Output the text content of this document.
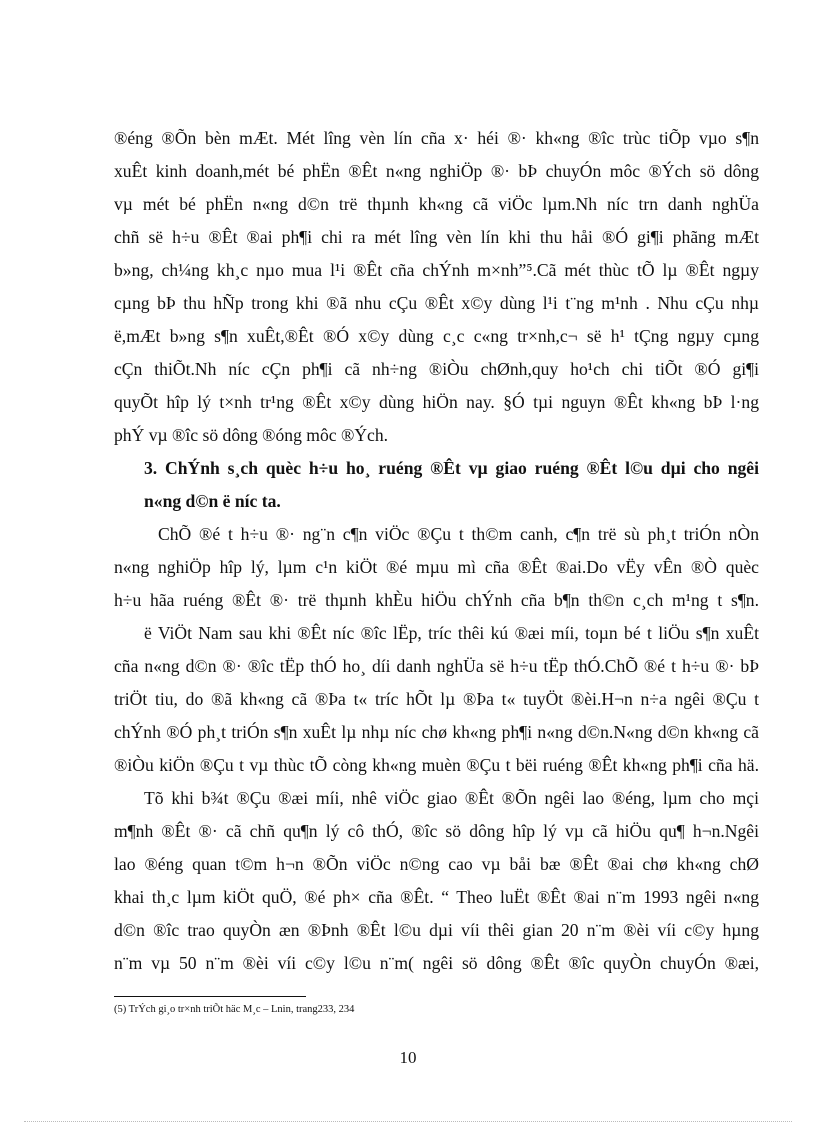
®éng ®Õn bèn mÆt. Mét lîng vèn lín cña x· héi ®· kh«ng ®îc trùc tiÕp vµo s¶n
xuÊt kinh doanh,mét bé phËn ®Êt n«ng nghiÖp ®· bÞ chuyÓn môc ®Ých sö dông
vµ mét bé phËn n«ng d©n trë thµnh kh«ng cã viÖc lµm.Nh níc trn danh nghÜa
chñ së h÷u ®Êt ®ai ph¶i chi ra mét lîng vèn lín khi thu håi ®Ó gi¶i phãng mÆt
b»ng, ch¼ng kh¸c nµo mua l¹i ®Êt cña chÝnh m×nh”⁵.Cã mét thùc tÕ lµ ®Êt ngµy
cµng bÞ thu hÑp trong khi ®ã nhu cÇu ®Êt x©y dùng l¹i t¨ng m¹nh . Nhu cÇu nhµ
ë,mÆt b»ng s¶n xuÊt,®Êt ®Ó x©y dùng c¸c c«ng tr×nh,c¬ së h¹ tÇng ngµy cµng
cÇn thiÕt.Nh níc cÇn ph¶i cã nh÷ng ®iÒu chØnh,quy ho¹ch chi tiÕt ®Ó gi¶i
quyÕt hîp lý t×nh tr¹ng ®Êt x©y dùng hiÖn nay. §Ó tµi nguyn ®Êt kh«ng bÞ l·ng
phÝ vµ ®îc sö dông ®óng môc ®Ých.
3. ChÝnh s¸ch quèc h÷u ho¸ ruéng ®Êt vµ giao ruéng ®Êt l©u dµi cho ngêi
n«ng d©n ë níc ta.
ChÕ ®é t h÷u ®· ng¨n c¶n viÖc ®Çu t th©m canh, c¶n trë sù ph¸t triÓn nÒn
n«ng nghiÖp hîp lý, lµm c¹n kiÖt ®é mµu mì cña ®Êt ®ai.Do vËy vÊn ®Ò quèc
h÷u hãa ruéng ®Êt ®· trë thµnh khÈu hiÖu chÝnh cña b¶n th©n c¸ch m¹ng t s¶n.
ë ViÖt Nam sau khi ®Êt níc ®îc lËp, tríc thêi kú ®æi míi, toµn bé t liÖu s¶n xuÊt
cña n«ng d©n ®· ®îc tËp thÓ ho¸ díi danh nghÜa së h÷u tËp thÓ.ChÕ ®é t h÷u ®· bÞ
triÖt tiu, do ®ã kh«ng cã ®Þa t« tríc hÕt lµ ®Þa t« tuyÖt ®èi.H¬n n÷a ngêi ®Çu t
chÝnh ®Ó ph¸t triÓn s¶n xuÊt lµ nhµ níc chø kh«ng ph¶i n«ng d©n.N«ng d©n kh«ng cã
®iÒu kiÖn ®Çu t vµ thùc tÕ còng kh«ng muèn ®Çu t bëi ruéng ®Êt kh«ng ph¶i cña hä.
Tõ khi b¾t ®Çu ®æi míi, nhê viÖc giao ®Êt ®Õn ngêi lao ®éng, lµm cho mçi
m¶nh ®Êt ®· cã chñ qu¶n lý cô thÓ, ®îc sö dông hîp lý vµ cã hiÖu qu¶ h¬n.Ngêi
lao ®éng quan t©m h¬n ®Õn viÖc n©ng cao vµ båi bæ ®Êt ®ai chø kh«ng chØ
khai th¸c lµm kiÖt quÖ, ®é ph× cña ®Êt. “ Theo luËt ®Êt ®ai n¨m 1993 ngêi n«ng
d©n ®îc trao quyÒn æn ®Þnh ®Êt l©u dµi víi thêi gian 20 n¨m ®èi víi c©y hµng
n¨m vµ 50 n¨m ®èi víi c©y l©u n¨m( ngêi sö dông ®Êt ®îc quyÒn chuyÓn ®æi,
(5) TrÝch gi¸o tr×nh triÕt häc M¸c – Lnin, trang233, 234
10
